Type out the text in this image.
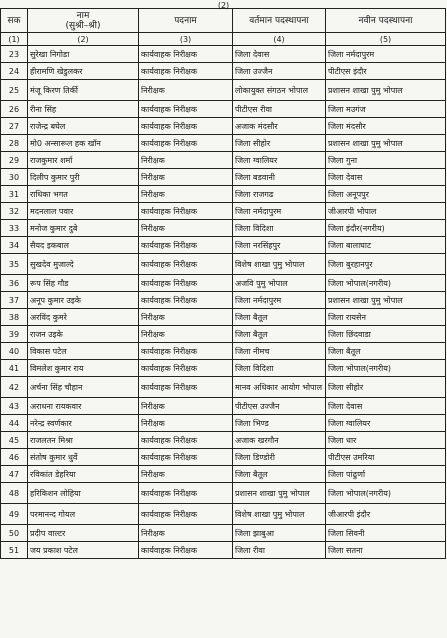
(2)
सक	नाम
(सुश्री–श्री)	पदनाम	वर्तमान पदस्थापना	नवीन पदस्थापना
(1)	(2)	(3)	(4)	(5)
23	सुरेखा निगोडा	कार्यवाहक निरीक्षक	जिला देवास	जिला नर्मदापुरम
24	हीरामणि खेडुलकर	कार्यवाहक निरीक्षक	जिला उज्जैन	पीटीएस इंदौर
25	मंजू किरण तिर्की	निरीक्षक	लोकायुक्त संगठन भोपाल	प्रशासन शाखा पुमु भोपाल
26	रीना सिंह	कार्यवाहक निरीक्षक	पीटीएस रीवा	जिला मउगंज
27	राजेन्द्र बघेल	कार्यवाहक निरीक्षक	अजाक मंदसौर	जिला मंदसौर
28	मो0 अन्सारूल हक खॉन	कार्यवाहक निरीक्षक	जिला सीहोर	प्रशासन शाखा पुमु भोपाल
29	राजकुमार शर्मा	निरीक्षक	जिला ग्वालियर	जिला गुना
30	दिलीप कुमार पुरी	निरीक्षक	जिला बडवानी	जिला देवास
31	राधिका भगत	निरीक्षक	जिला राजगढ	जिला अनूपपुर
32	मदनलाल पवार	कार्यवाहक निरीक्षक	जिला नर्मदापुरम	जीआरपी भोपाल
33	मनोज कुमार दुबे	निरीक्षक	जिला विदिशा	जिला इंदौर(नगरीय)
34	सैयद इकबाल	कार्यवाहक निरीक्षक	जिला नरसिंहपुर	जिला बालाघाट
35	सुखदेव मुजाल्दे	कार्यवाहक निरीक्षक	विशेष शाखा पुमु भोपाल	जिला बुरहानपुर
36	रूप सिंह गौड	कार्यवाहक निरीक्षक	अजवि पुमु भोपाल	जिला भोपाल(नगरीय)
37	अनूप कुमार उइके	कार्यवाहक निरीक्षक	जिला नर्मदापुरम	प्रशासन शाखा पुमु भोपाल
38	अरविंद कुमरे	निरीक्षक	जिला बैतूल	जिला रायसेन
39	राजन उइके	निरीक्षक	जिला बैतूल	जिला छिंदवाडा
40	विकास पटेल	कार्यवाहक निरीक्षक	जिला नीमच	जिला बैतूल
41	विमलेश कुमार राय	कार्यवाहक निरीक्षक	जिला विदिशा	जिला भोपाल(नगरीय)
42	अर्चना सिंह चौहान	कार्यवाहक निरीक्षक	मानव अधिकार आयोग भोपाल	जिला सीहोर
43	अराधना रायकवार	निरीक्षक	पीटीएस उज्जैन	जिला देवास
44	नरेन्द्र स्वर्णकार	निरीक्षक	जिला भिण्ड	जिला ग्वालियर
45	राजलतन मिश्रा	कार्यवाहक निरीक्षक	अजाक खरगौन	जिला धार
46	संतोष कुमार धुर्वे	कार्यवाहक निरीक्षक	जिला डिण्डोरी	पीटीएस उमरिया
47	रविकांत डेहरिया	निरीक्षक	जिला बैतूल	जिला पांढुर्णा
48	हरिकिशन लोहिया	कार्यवाहक निरीक्षक	प्रशासन शाखा पुमु भोपाल	जिला भोपाल(नगरीय)
49	परमानन्द गोयल	कार्यवाहक निरीक्षक	विशेष शाखा पुमु भोपाल	जीआरपी इंदौर
50	प्रदीप वाल्टर	निरीक्षक	जिला झाबुआ	जिला सिवनी
51	जय प्रकाश पटेल	कार्यवाहक निरीक्षक	जिला रीवा	जिला सतना
